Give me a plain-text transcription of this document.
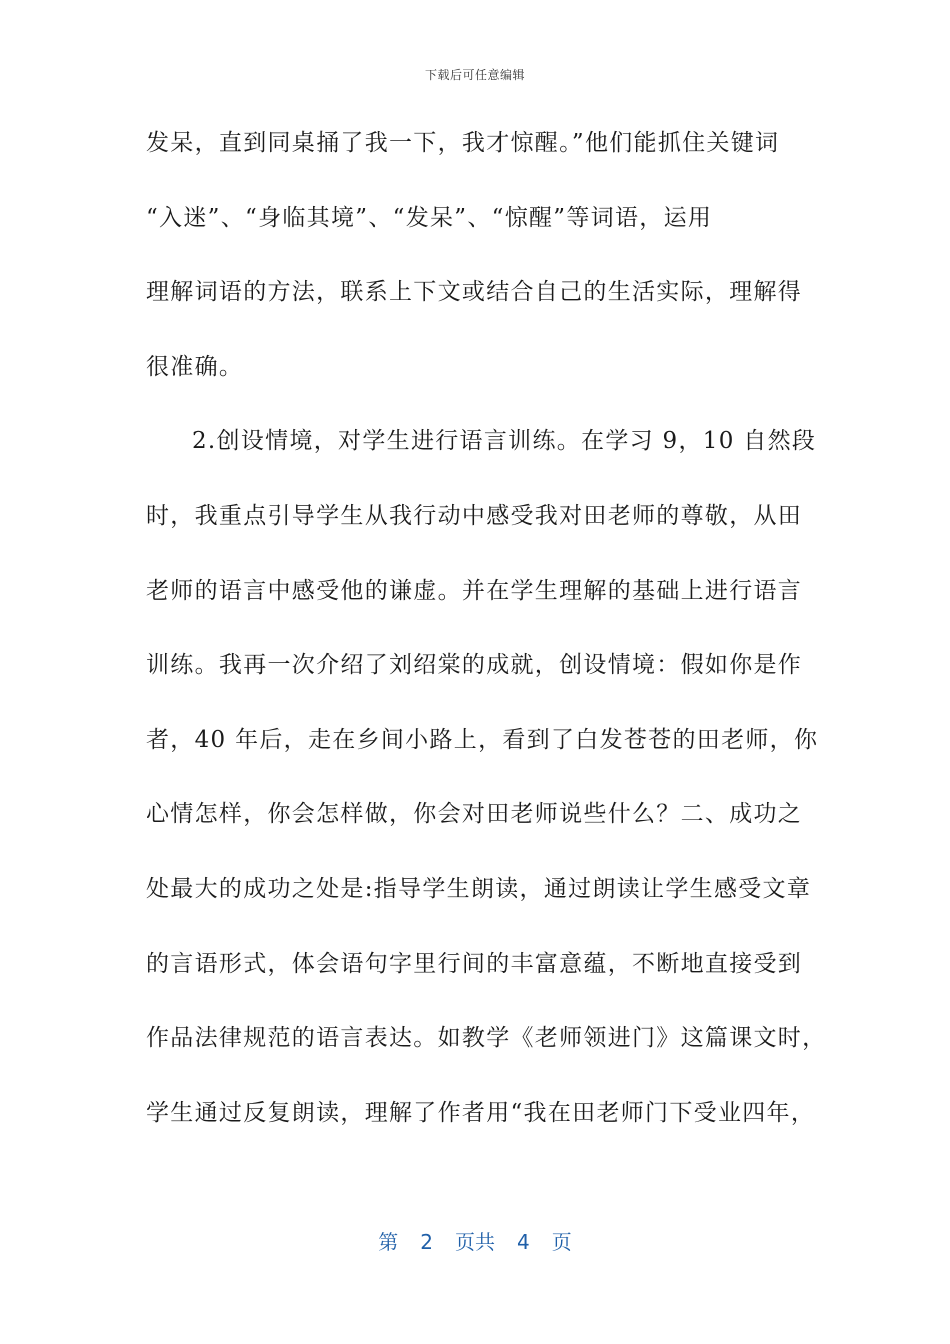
下载后可任意编辑
发呆，直到同桌捅了我一下，我才惊醒。”他们能抓住关键词
“入迷”、“身临其境”、“发呆”、“惊醒”等词语，运用
理解词语的方法，联系上下文或结合自己的生活实际，理解得
很准确。
2.创设情境，对学生进行语言训练。在学习 9，10 自然段
时，我重点引导学生从我行动中感受我对田老师的尊敬，从田
老师的语言中感受他的谦虚。并在学生理解的基础上进行语言
训练。我再一次介绍了刘绍棠的成就，创设情境：假如你是作
者，40 年后，走在乡间小路上，看到了白发苍苍的田老师，你
心情怎样，你会怎样做，你会对田老师说些什么？二、成功之
处最大的成功之处是:指导学生朗读，通过朗读让学生感受文章
的言语形式，体会语句字里行间的丰富意蕴，不断地直接受到
作品法律规范的语言表达。如教学《老师领进门》这篇课文时，
学生通过反复朗读，理解了作者用“我在田老师门下受业四年，
第 2 页共 4 页
